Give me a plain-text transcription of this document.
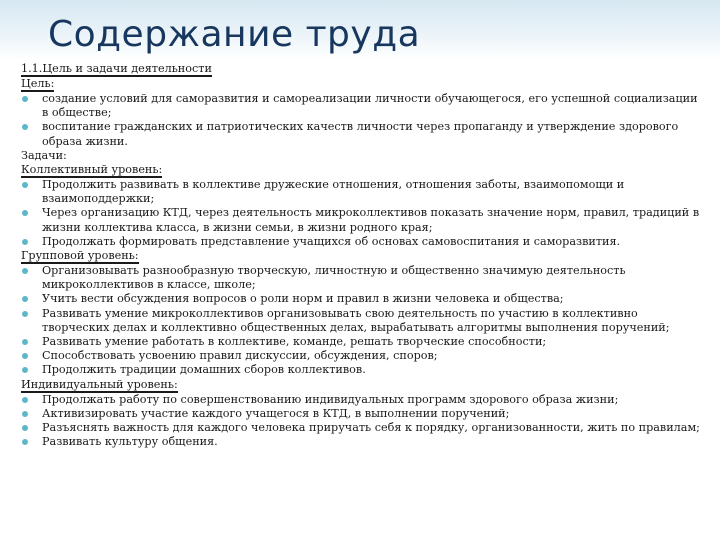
Содержание труда
1.1.Цель и задачи деятельности
Цель:
создание условий для саморазвития и самореализации личности обучающегося, его успешной социализации в обществе;
воспитание гражданских и патриотических качеств личности через пропаганду и утверждение здорового образа жизни.
Задачи:
Коллективный уровень:
Продолжить развивать в коллективе дружеские отношения, отношения заботы, взаимопомощи и взаимоподдержки;
Через организацию КТД, через деятельность микроколлективов показать значение норм, правил, традиций в жизни коллектива класса, в жизни семьи, в жизни родного края;
Продолжать формировать представление учащихся об основах самовоспитания и саморазвития.
Групповой уровень:
Организовывать разнообразную творческую, личностную и общественно значимую деятельность микроколлективов в классе, школе;
Учить вести обсуждения вопросов о роли норм и правил в жизни человека и общества;
Развивать умение микроколлективов организовывать свою деятельность по участию в коллективно творческих делах и коллективно общественных делах, вырабатывать алгоритмы выполнения поручений;
Развивать умение работать в коллективе, команде, решать творческие способности;
Способствовать усвоению правил дискуссии, обсуждения, споров;
Продолжить традиции домашних сборов коллективов.
Индивидуальный уровень:
Продолжать работу по совершенствованию индивидуальных программ здорового образа жизни;
Активизировать участие каждого учащегося в КТД, в выполнении поручений;
Разъяснять важность для каждого человека приручать себя к порядку, организованности, жить по правилам;
Развивать культуру общения.
